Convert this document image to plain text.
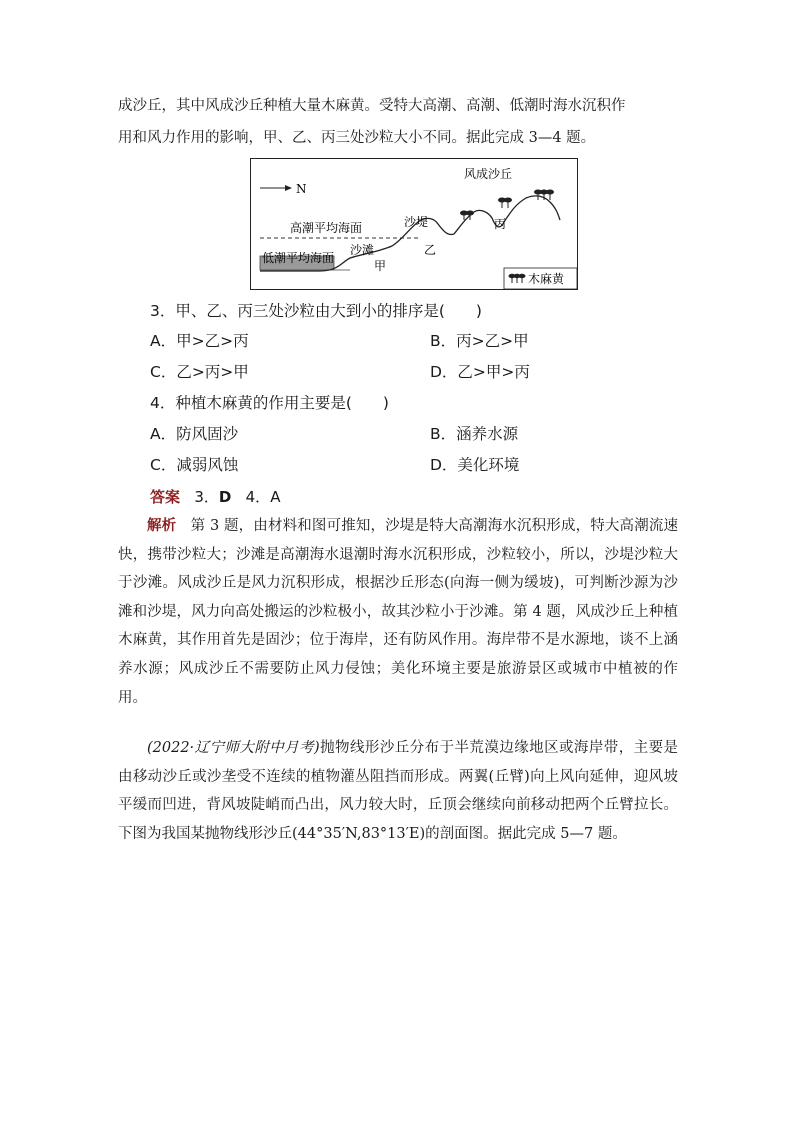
成沙丘，其中风成沙丘种植大量木麻黄。受特大高潮、高潮、低潮时海水沉积作
用和风力作用的影响，甲、乙、丙三处沙粒大小不同。据此完成 3—4 题。
N
风成沙丘
高潮平均海面
低潮平均海面
沙堤
沙滩
甲
乙
丙
木麻黄
3．甲、乙、丙三处沙粒由大到小的排序是(　　)
A．甲>乙>丙	B．丙>乙>甲
C．乙>丙>甲	D．乙>甲>丙
4．种植木麻黄的作用主要是(　　)
A．防风固沙	B．涵养水源
C．减弱风蚀	D．美化环境
答案 3．D 4．A
解析 第 3 题，由材料和图可推知，沙堤是特大高潮海水沉积形成，特大高潮流速快，携带沙粒大；沙滩是高潮海水退潮时海水沉积形成，沙粒较小，所以，沙堤沙粒大于沙滩。风成沙丘是风力沉积形成，根据沙丘形态(向海一侧为缓坡)，可判断沙源为沙滩和沙堤，风力向高处搬运的沙粒极小，故其沙粒小于沙滩。第 4 题，风成沙丘上种植木麻黄，其作用首先是固沙；位于海岸，还有防风作用。海岸带不是水源地，谈不上涵养水源；风成沙丘不需要防止风力侵蚀；美化环境主要是旅游景区或城市中植被的作用。
(2022·辽宁师大附中月考)抛物线形沙丘分布于半荒漠边缘地区或海岸带，主要是由移动沙丘或沙垄受不连续的植物灌丛阻挡而形成。两翼(丘臂)向上风向延伸，迎风坡平缓而凹进，背风坡陡峭而凸出，风力较大时，丘顶会继续向前移动把两个丘臂拉长。下图为我国某抛物线形沙丘(44°35′N,83°13′E)的剖面图。据此完成 5—7 题。
